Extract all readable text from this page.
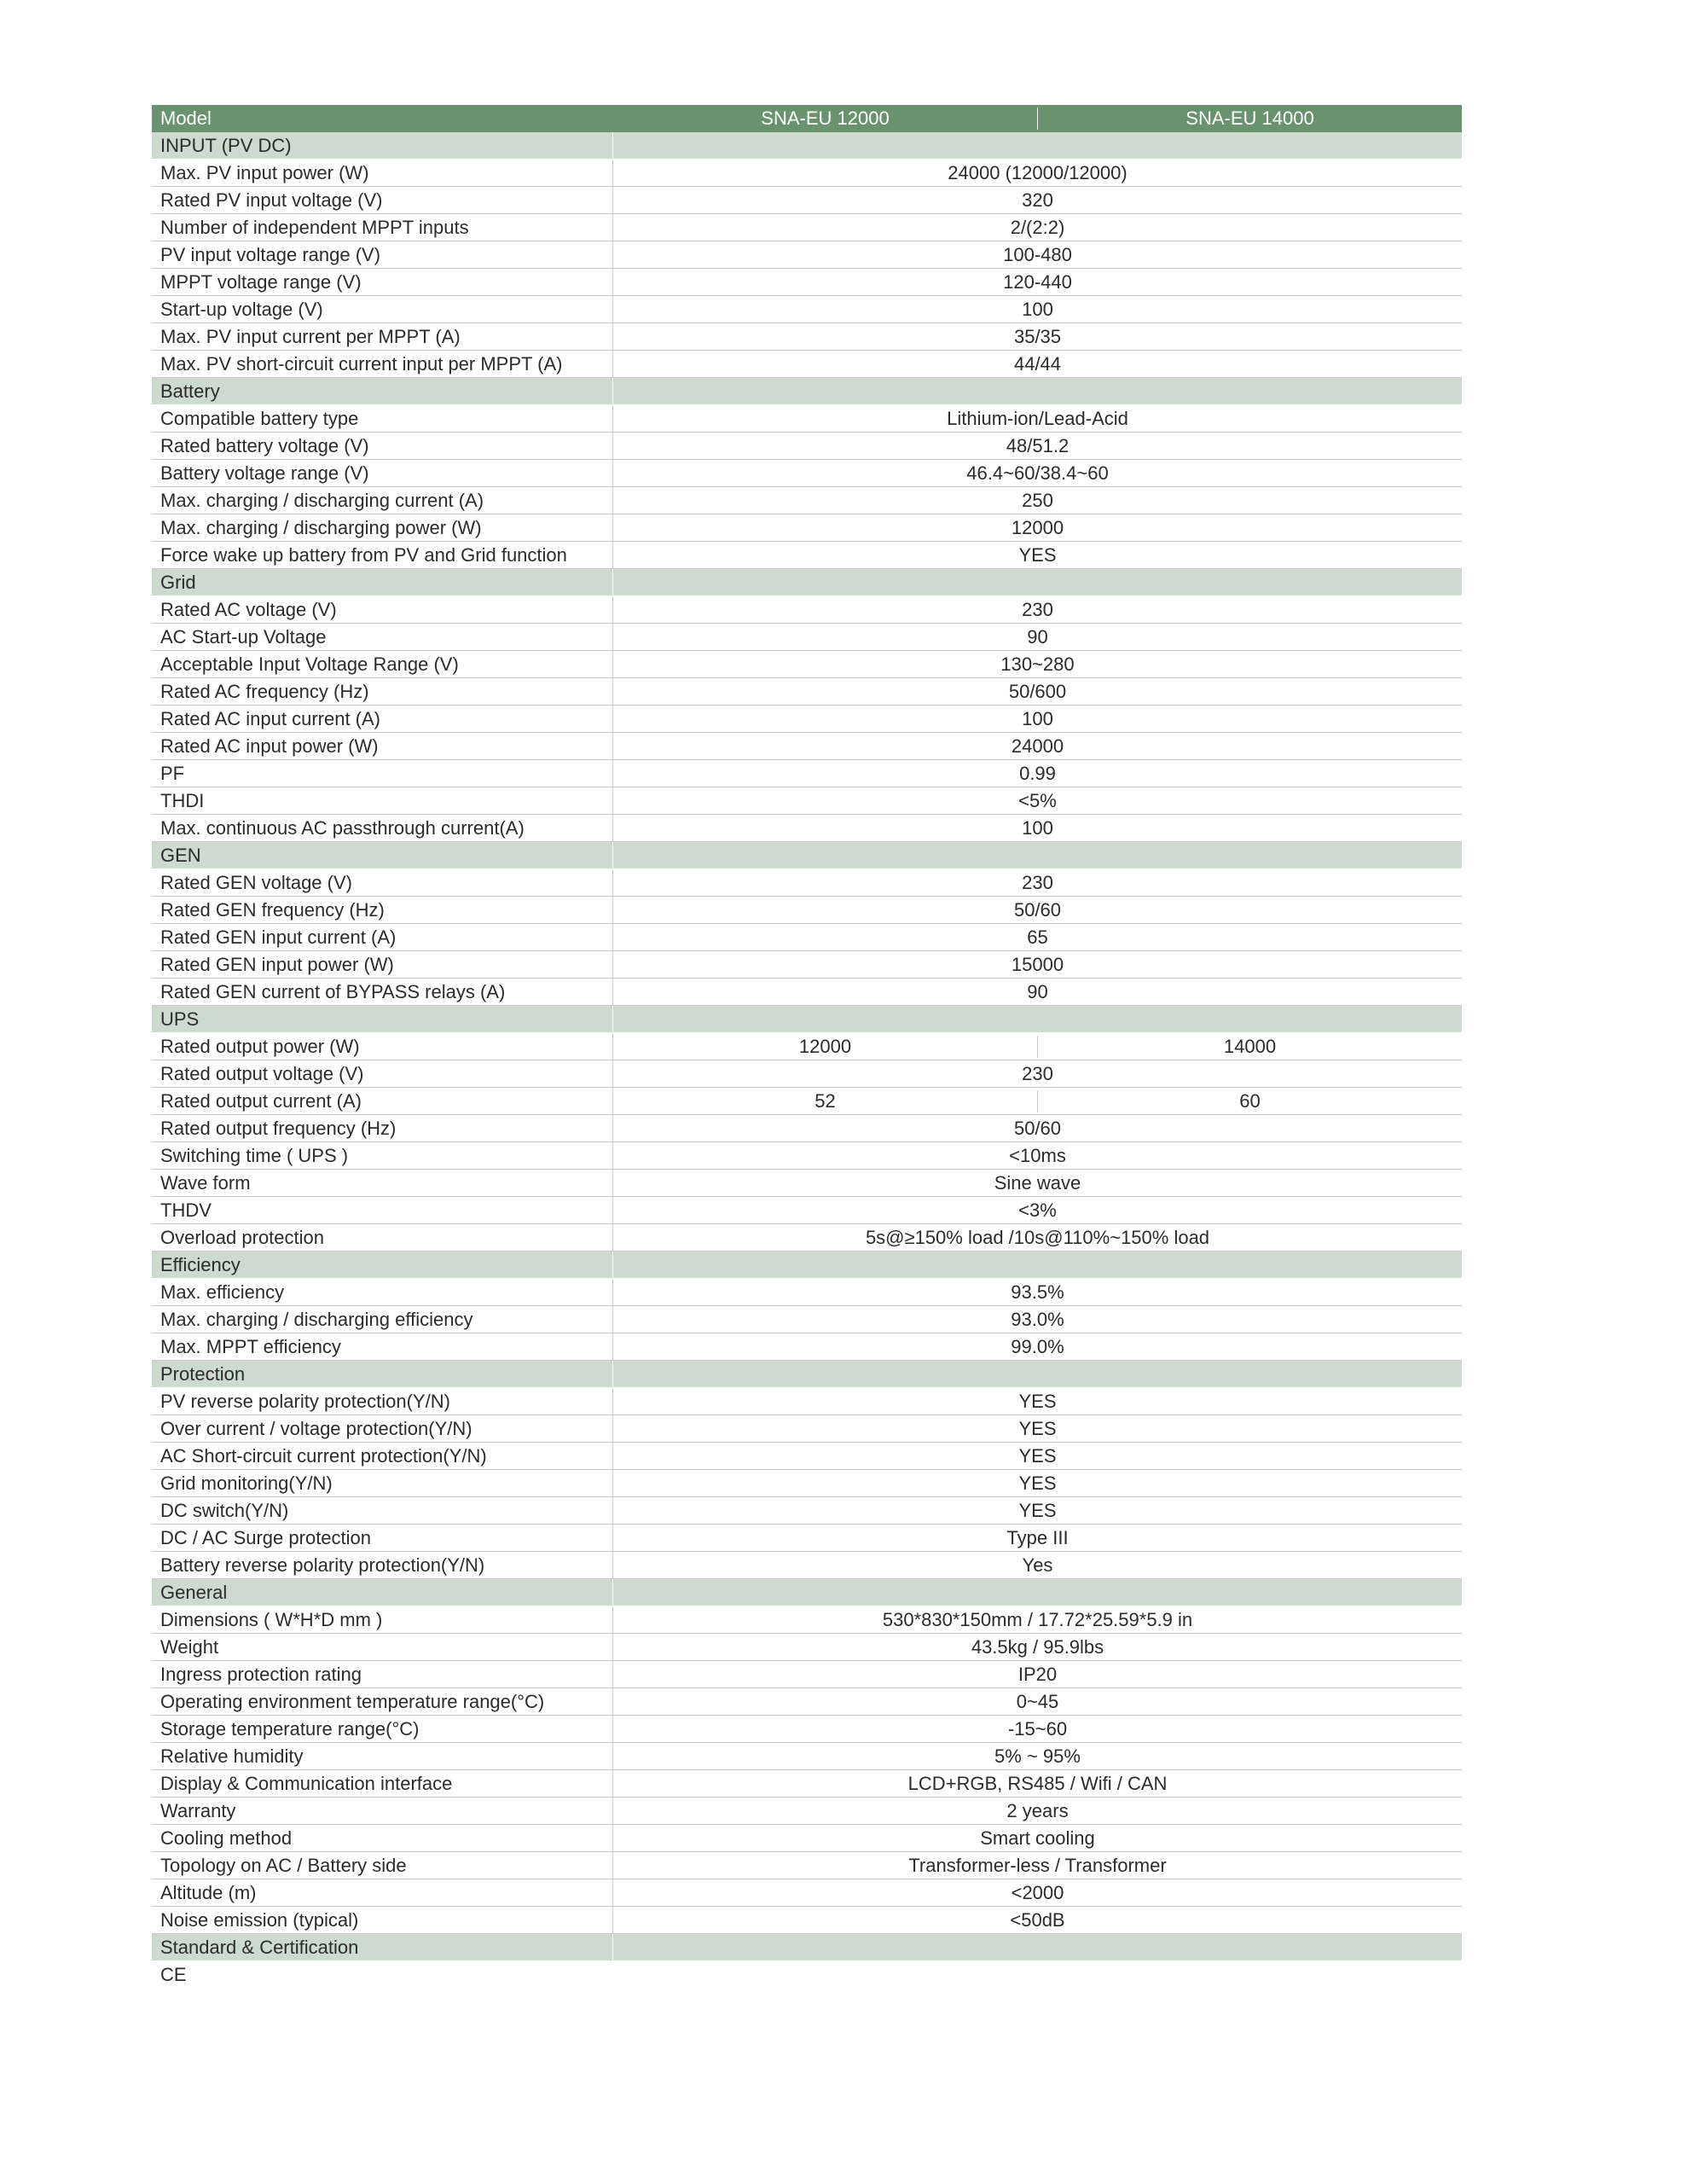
Model	SNA-EU 12000	SNA-EU 14000
INPUT (PV DC)
Max. PV input power (W)	24000 (12000/12000)
Rated PV input voltage (V)	320
Number of independent MPPT inputs	2/(2:2)
PV input voltage range (V)	100-480
MPPT voltage range (V)	120-440
Start-up voltage (V)	100
Max. PV input current per MPPT (A)	35/35
Max. PV short-circuit current input per MPPT (A)	44/44
Battery
Compatible battery type	Lithium-ion/Lead-Acid
Rated battery voltage (V)	48/51.2
Battery voltage range (V)	46.4~60/38.4~60
Max. charging / discharging current (A)	250
Max. charging / discharging power (W)	12000
Force wake up battery from PV and Grid function	YES
Grid
Rated AC voltage (V)	230
AC Start-up Voltage	90
Acceptable Input Voltage Range (V)	130~280
Rated AC frequency (Hz)	50/600
Rated AC input current (A)	100
Rated AC input power (W)	24000
PF	0.99
THDI	<5%
Max. continuous AC passthrough current(A)	100
GEN
Rated GEN voltage (V)	230
Rated GEN frequency (Hz)	50/60
Rated GEN input current (A)	65
Rated GEN input power (W)	15000
Rated GEN current of BYPASS relays (A)	90
UPS
Rated output power (W)	12000	14000
Rated output voltage (V)	230
Rated output current (A)	52	60
Rated output frequency (Hz)	50/60
Switching time ( UPS )	<10ms
Wave form	Sine wave
THDV	<3%
Overload protection	5s@≥150% load /10s@110%~150% load
Efficiency
Max. efficiency	93.5%
Max. charging / discharging efficiency	93.0%
Max. MPPT efficiency	99.0%
Protection
PV reverse polarity protection(Y/N)	YES
Over current / voltage protection(Y/N)	YES
AC Short-circuit current protection(Y/N)	YES
Grid monitoring(Y/N)	YES
DC switch(Y/N)	YES
DC / AC Surge protection	Type III
Battery reverse polarity protection(Y/N)	Yes
General
Dimensions ( W*H*D mm )	530*830*150mm / 17.72*25.59*5.9 in
Weight	43.5kg / 95.9lbs
Ingress protection rating	IP20
Operating environment temperature range(°C)	0~45
Storage temperature range(°C)	-15~60
Relative humidity	5% ~ 95%
Display & Communication interface	LCD+RGB, RS485 / Wifi / CAN
Warranty	2 years
Cooling method	Smart cooling
Topology on AC / Battery side	Transformer-less / Transformer
Altitude (m)	<2000
Noise emission (typical)	<50dB
Standard & Certification
CE
